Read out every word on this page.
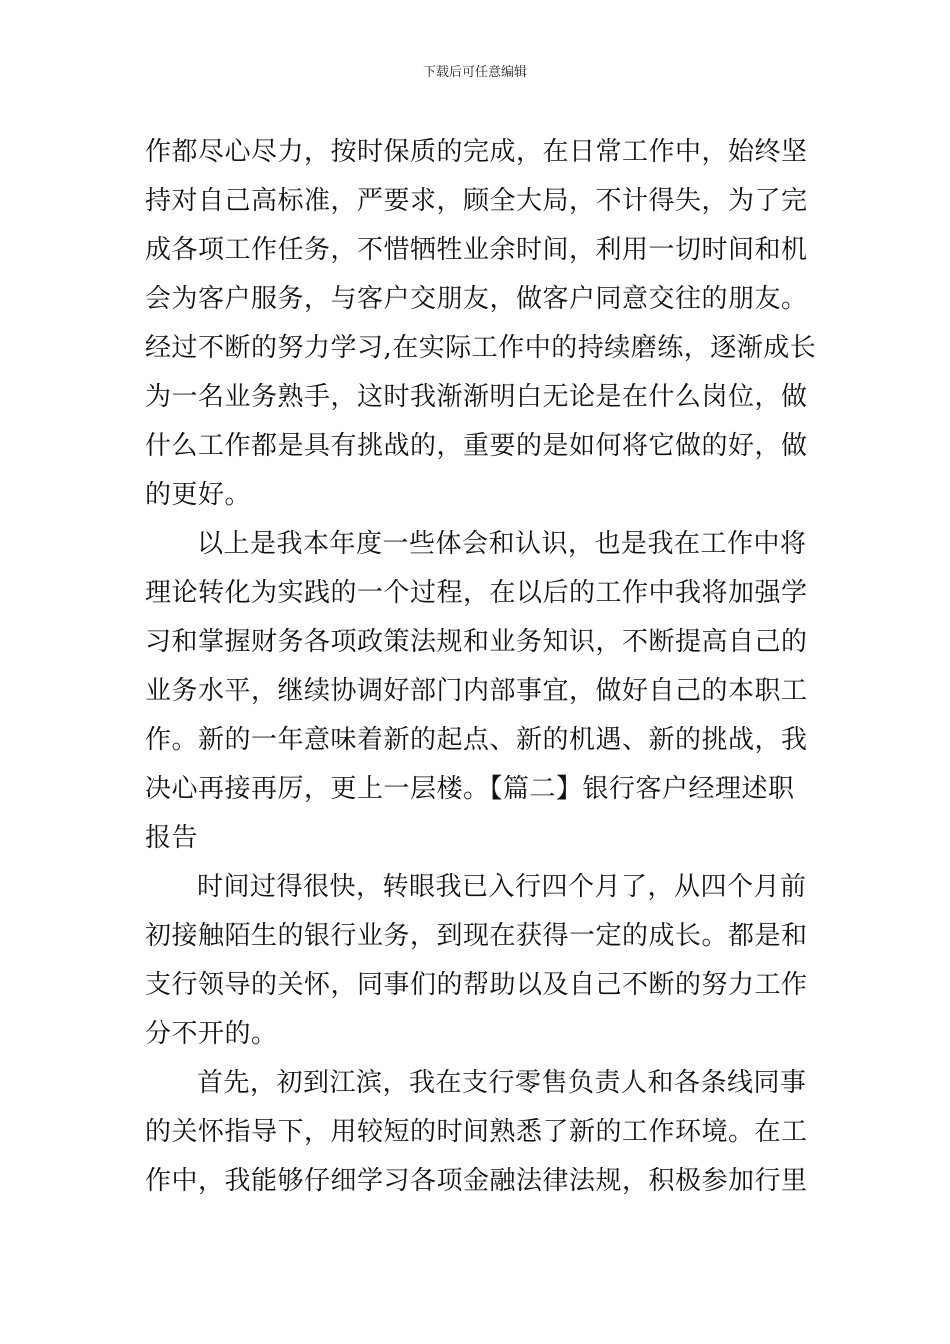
下载后可任意编辑
作都尽心尽力，按时保质的完成，在日常工作中，始终坚
持对自己高标准，严要求，顾全大局，不计得失，为了完
成各项工作任务，不惜牺牲业余时间，利用一切时间和机
会为客户服务，与客户交朋友，做客户同意交往的朋友。
经过不断的努力学习,在实际工作中的持续磨练，逐渐成长
为一名业务熟手，这时我渐渐明白无论是在什么岗位，做
什么工作都是具有挑战的，重要的是如何将它做的好，做
的更好。
以上是我本年度一些体会和认识，也是我在工作中将
理论转化为实践的一个过程，在以后的工作中我将加强学
习和掌握财务各项政策法规和业务知识，不断提高自己的
业务水平，继续协调好部门内部事宜，做好自己的本职工
作。新的一年意味着新的起点、新的机遇、新的挑战，我
决心再接再厉，更上一层楼。【篇二】银行客户经理述职
报告
时间过得很快，转眼我已入行四个月了，从四个月前
初接触陌生的银行业务，到现在获得一定的成长。都是和
支行领导的关怀，同事们的帮助以及自己不断的努力工作
分不开的。
首先，初到江滨，我在支行零售负责人和各条线同事
的关怀指导下，用较短的时间熟悉了新的工作环境。在工
作中，我能够仔细学习各项金融法律法规，积极参加行里
